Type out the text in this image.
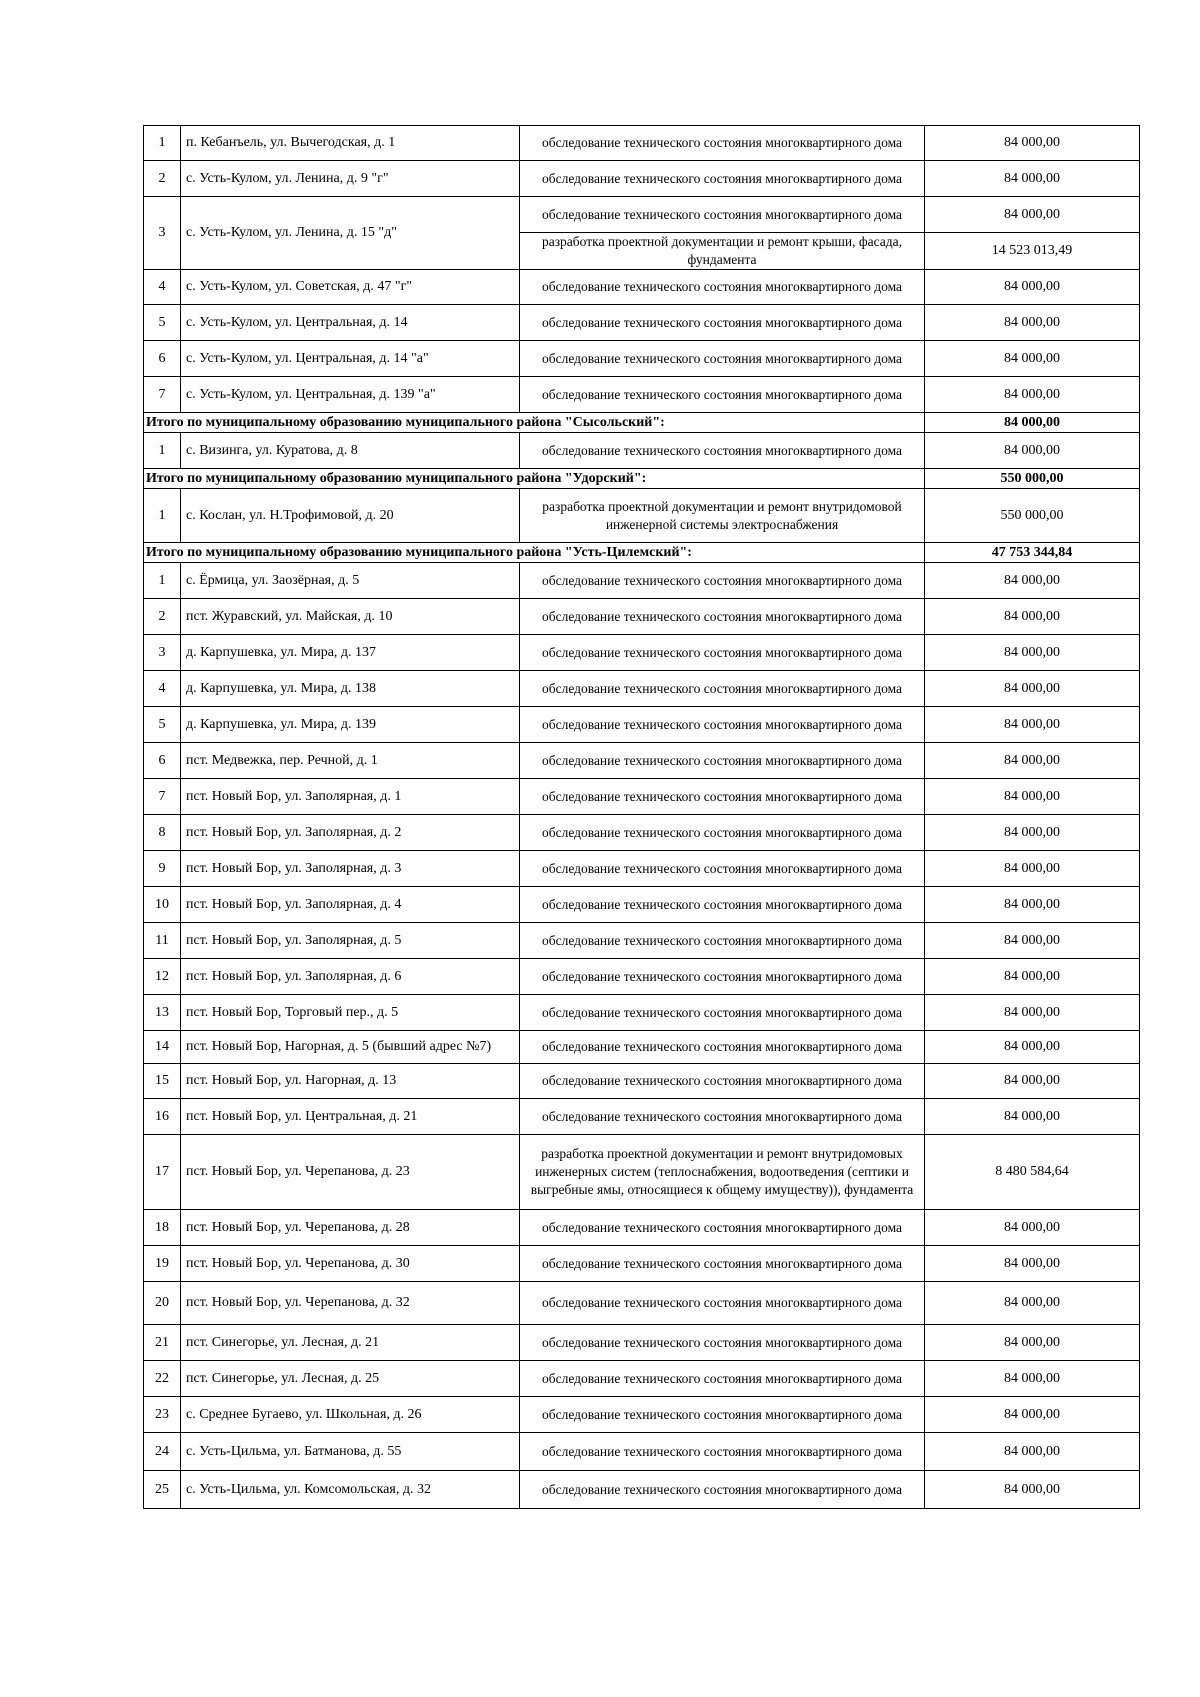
1	п. Кебанъель, ул. Вычегодская, д. 1	обследование технического состояния многоквартирного дома	84 000,00
2	с. Усть-Кулом, ул. Ленина, д. 9 "г"	обследование технического состояния многоквартирного дома	84 000,00
3	с. Усть-Кулом, ул. Ленина, д. 15 "д"	обследование технического состояния многоквартирного дома	84 000,00
		разработка проектной документации и ремонт крыши, фасада, фундамента	14 523 013,49
4	с. Усть-Кулом, ул. Советская, д. 47 "г"	обследование технического состояния многоквартирного дома	84 000,00
5	с. Усть-Кулом, ул. Центральная, д. 14	обследование технического состояния многоквартирного дома	84 000,00
6	с. Усть-Кулом, ул. Центральная, д. 14 "а"	обследование технического состояния многоквартирного дома	84 000,00
7	с. Усть-Кулом, ул. Центральная, д. 139 "а"	обследование технического состояния многоквартирного дома	84 000,00
Итого по муниципальному образованию муниципального района "Сысольский":			84 000,00
1	с. Визинга, ул. Куратова, д. 8	обследование технического состояния многоквартирного дома	84 000,00
Итого по муниципальному образованию муниципального района "Удорский":			550 000,00
1	с. Кослан, ул. Н.Трофимовой, д. 20	разработка проектной документации и ремонт внутридомовой инженерной системы электроснабжения	550 000,00
Итого по муниципальному образованию муниципального района "Усть-Цилемский":			47 753 344,84
1	с. Ёрмица, ул. Заозёрная, д. 5	обследование технического состояния многоквартирного дома	84 000,00
2	пст. Журавский, ул. Майская, д. 10	обследование технического состояния многоквартирного дома	84 000,00
3	д. Карпушевка, ул. Мира, д. 137	обследование технического состояния многоквартирного дома	84 000,00
4	д. Карпушевка, ул. Мира, д. 138	обследование технического состояния многоквартирного дома	84 000,00
5	д. Карпушевка, ул. Мира, д. 139	обследование технического состояния многоквартирного дома	84 000,00
6	пст. Медвежка, пер. Речной, д. 1	обследование технического состояния многоквартирного дома	84 000,00
7	пст. Новый Бор, ул. Заполярная, д. 1	обследование технического состояния многоквартирного дома	84 000,00
8	пст. Новый Бор, ул. Заполярная, д. 2	обследование технического состояния многоквартирного дома	84 000,00
9	пст. Новый Бор, ул. Заполярная, д. 3	обследование технического состояния многоквартирного дома	84 000,00
10	пст. Новый Бор, ул. Заполярная, д. 4	обследование технического состояния многоквартирного дома	84 000,00
11	пст. Новый Бор, ул. Заполярная, д. 5	обследование технического состояния многоквартирного дома	84 000,00
12	пст. Новый Бор, ул. Заполярная, д. 6	обследование технического состояния многоквартирного дома	84 000,00
13	пст. Новый Бор, Торговый пер., д. 5	обследование технического состояния многоквартирного дома	84 000,00
14	пст. Новый Бор, Нагорная, д. 5 (бывший адрес №7)	обследование технического состояния многоквартирного дома	84 000,00
15	пст. Новый Бор, ул. Нагорная, д. 13	обследование технического состояния многоквартирного дома	84 000,00
16	пст. Новый Бор, ул. Центральная, д. 21	обследование технического состояния многоквартирного дома	84 000,00
17	пст. Новый Бор, ул. Черепанова, д. 23	разработка проектной документации и ремонт внутридомовых инженерных систем (теплоснабжения, водоотведения (септики и выгребные ямы, относящиеся к общему имуществу)), фундамента	8 480 584,64
18	пст. Новый Бор, ул. Черепанова, д. 28	обследование технического состояния многоквартирного дома	84 000,00
19	пст. Новый Бор, ул. Черепанова, д. 30	обследование технического состояния многоквартирного дома	84 000,00
20	пст. Новый Бор, ул. Черепанова, д. 32	обследование технического состояния многоквартирного дома	84 000,00
21	пст. Синегорье, ул. Лесная, д. 21	обследование технического состояния многоквартирного дома	84 000,00
22	пст. Синегорье, ул. Лесная, д. 25	обследование технического состояния многоквартирного дома	84 000,00
23	с. Среднее Бугаево, ул. Школьная, д. 26	обследование технического состояния многоквартирного дома	84 000,00
24	с. Усть-Цильма, ул. Батманова, д. 55	обследование технического состояния многоквартирного дома	84 000,00
25	с. Усть-Цильма, ул. Комсомольская, д. 32	обследование технического состояния многоквартирного дома	84 000,00
